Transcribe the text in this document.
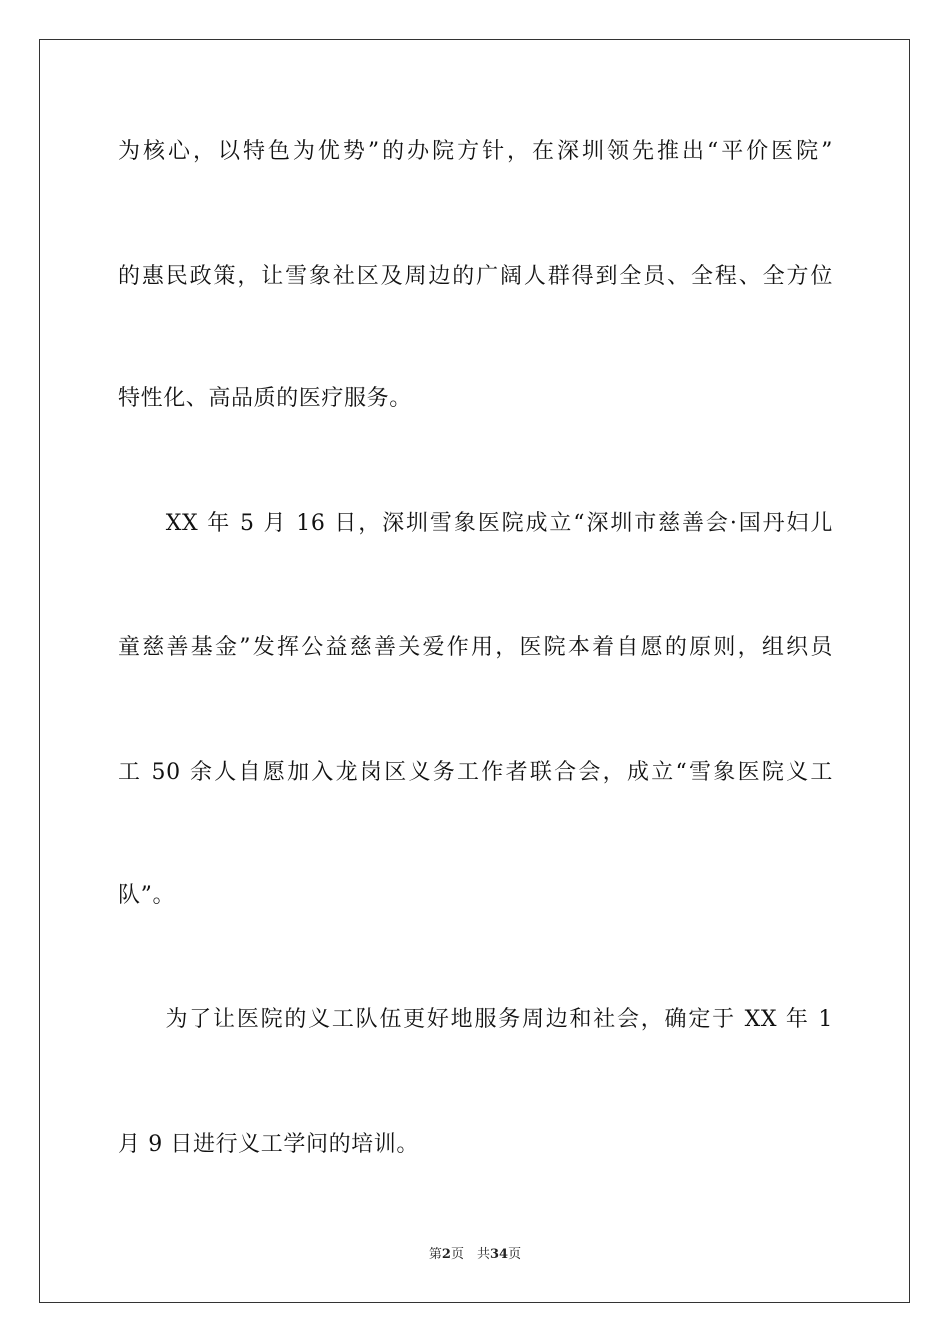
为核心，以特色为优势”的办院方针，在深圳领先推出“平价医院”
的惠民政策，让雪象社区及周边的广阔人群得到全员、全程、全方位
特性化、高品质的医疗服务。
　　XX 年 5 月 16 日，深圳雪象医院成立“深圳市慈善会·国丹妇儿
童慈善基金”发挥公益慈善关爱作用，医院本着自愿的原则，组织员
工 50 余人自愿加入龙岗区义务工作者联合会，成立“雪象医院义工
队”。
　　为了让医院的义工队伍更好地服务周边和社会，确定于 XX 年 1
月 9 日进行义工学问的培训。
第2页　共34页
